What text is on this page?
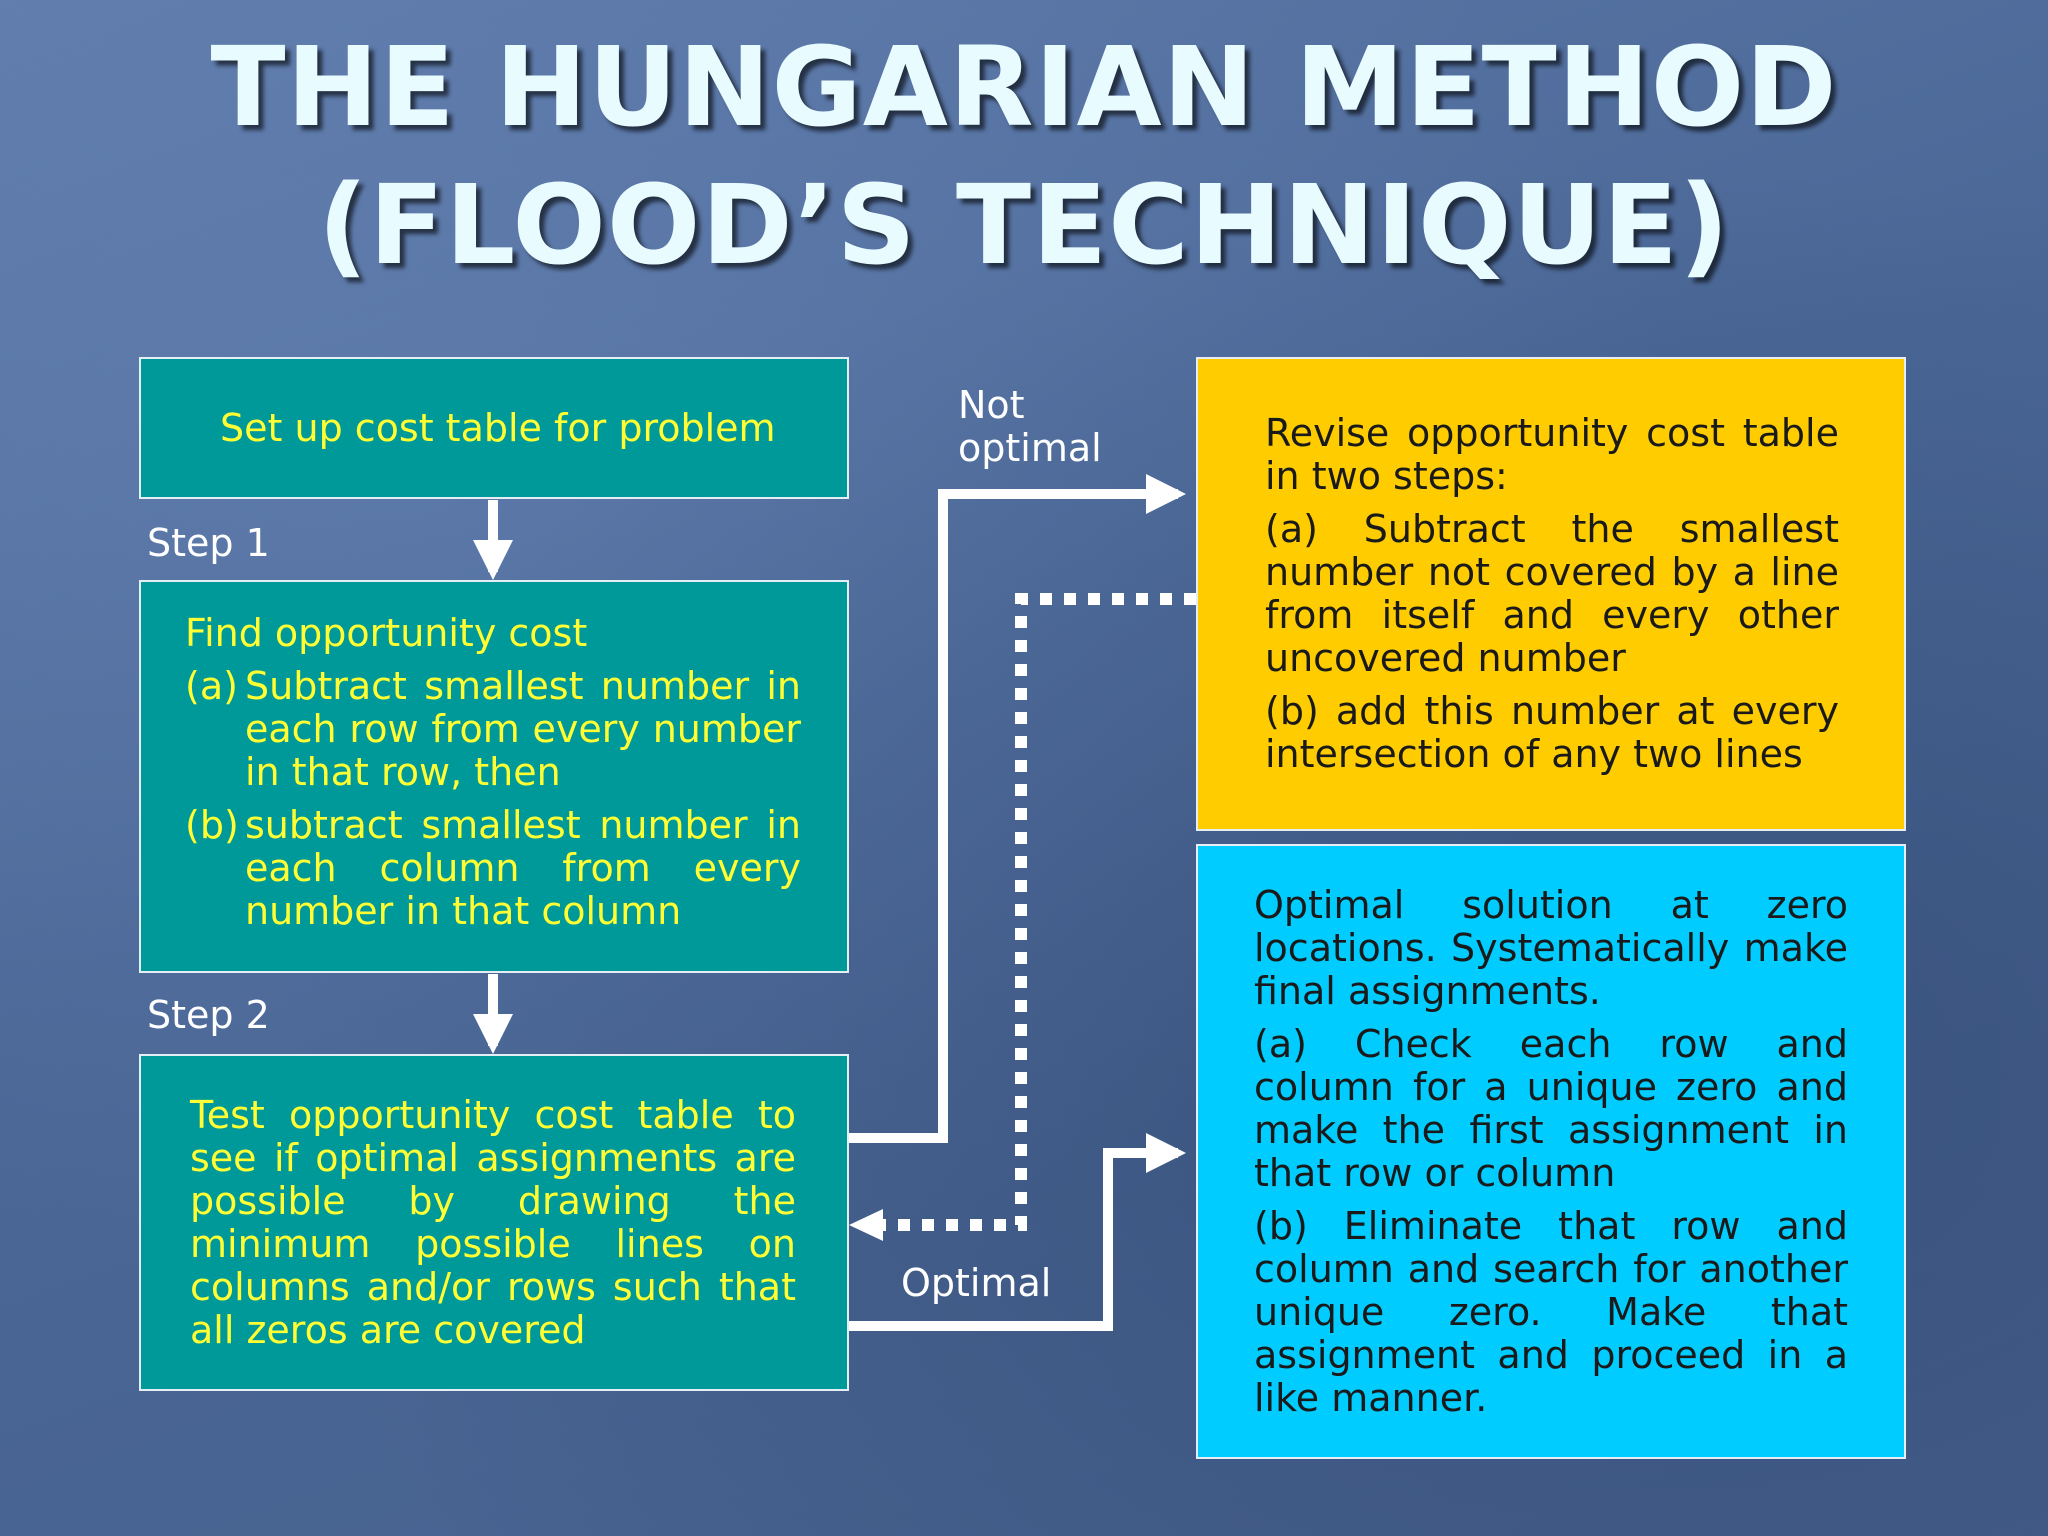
THE HUNGARIAN METHOD
(FLOOD’S TECHNIQUE)
Set up cost table for problem
Step 1
Find opportunity cost
(a) Subtract smallest number in each row from every number in that row, then
(b) subtract smallest number in each column from every number in that column
Step 2
Test opportunity cost table to see if optimal assignments are possible by drawing the minimum possible lines on columns and/or rows such that all zeros are covered
Not
optimal
Optimal
Revise opportunity cost table in two steps:
(a) Subtract the smallest number not covered by a line from itself and every other uncovered number
(b) add this number at every intersection of any two lines
Optimal solution at zero locations. Systematically make final assignments.
(a) Check each row and column for a unique zero and make the first assignment in that row or column
(b) Eliminate that row and column and search for another unique zero. Make that assignment and proceed in a like manner.
